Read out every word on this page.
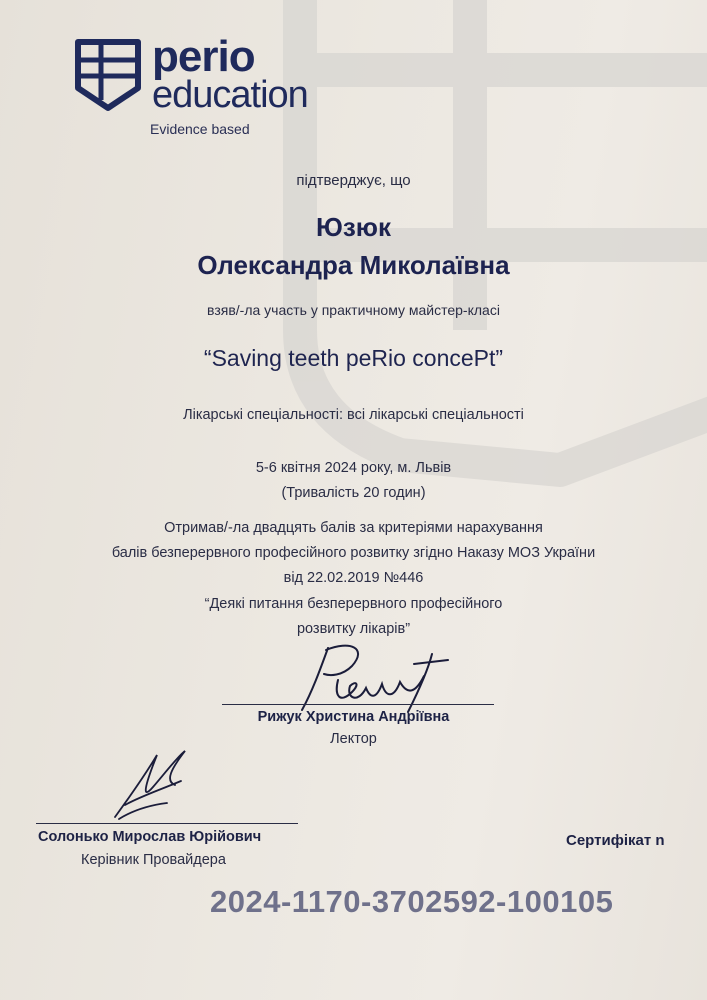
perio
education
Evidence based
підтверджує, що
Юзюк
Олександра Миколаївна
взяв/-ла участь у практичному майстер-класі
“Saving teeth peRio concePt”
Лікарські спеціальності: всі лікарські спеціальності
5-6 квітня 2024 року, м. Львів
(Тривалість 20 годин)
Отримав/-ла двадцять балів за критеріями нарахування
балів безперервного професійного розвитку згідно Наказу МОЗ України
від 22.02.2019 №446
“Деякі питання безперервного професійного
розвитку лікарів”
Рижук Христина Андріївна
Лектор
Солонько Мирослав Юрійович
Керівник Провайдера
Сертифікат n
2024-1170-3702592-100105
